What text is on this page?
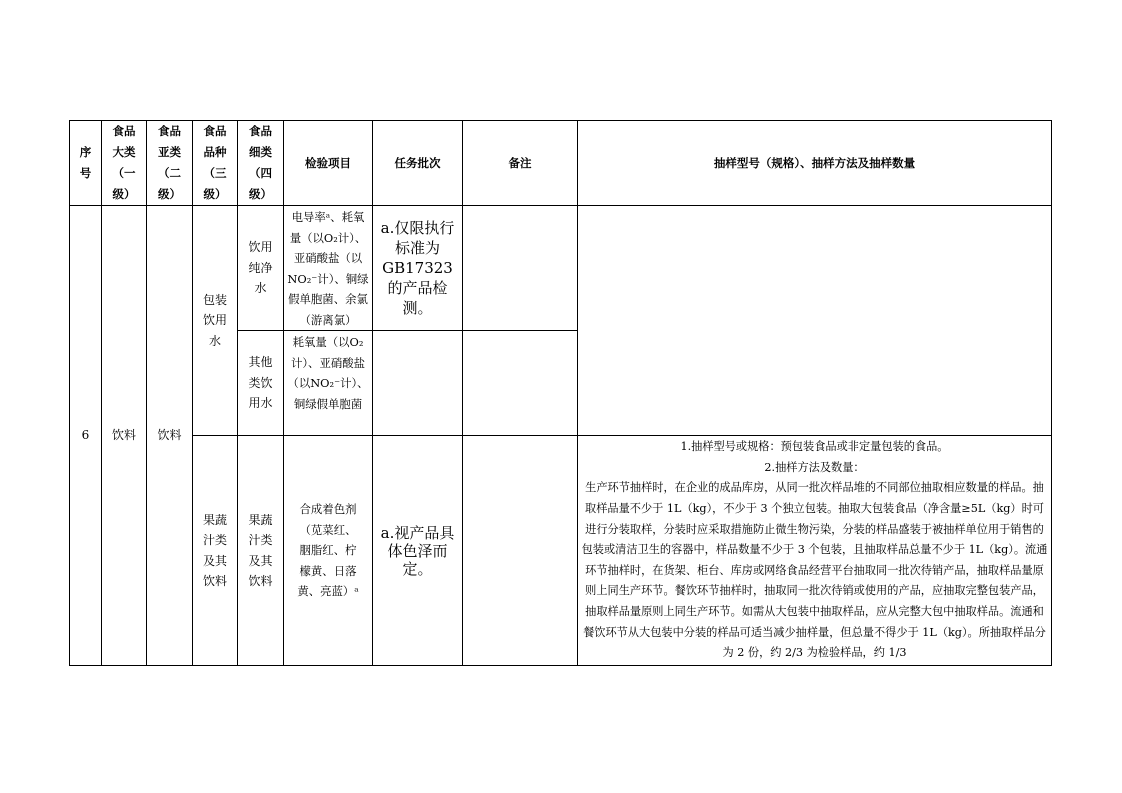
序号	食品大类（一级）	食品亚类（二级）	食品品种（三级）	食品细类（四级）	检验项目	任务批次	备注	抽样型号（规格）、抽样方法及抽样数量
6	饮料	饮料	包装饮用水	饮用纯净水	电导率ᵃ、耗氧量（以O₂计）、亚硝酸盐（以NO₂⁻计）、铜绿假单胞菌、余氯（游离氯）	a.仅限执行标准为GB17323的产品检测。		
				其他类饮用水	耗氧量（以O₂计）、亚硝酸盐（以NO₂⁻计）、铜绿假单胞菌			
			果蔬汁类及其饮料	果蔬汁类及其饮料	合成着色剂（苋菜红、胭脂红、柠檬黄、日落黄、亮蓝）ᵃ	a.视产品具体色泽而定。		1.抽样型号或规格：预包装食品或非定量包装的食品。

2.抽样方法及数量：

生产环节抽样时，在企业的成品库房，从同一批次样品堆的不同部位抽取相应数量的样品。抽取样品量不少于 1L（kg），不少于 3 个独立包装。抽取大包装食品（净含量≥5L（kg）时可进行分装取样，分装时应采取措施防止微生物污染，分装的样品盛装于被抽样单位用于销售的包装或清洁卫生的容器中，样品数量不少于 3 个包装，且抽取样品总量不少于 1L（kg）。流通环节抽样时，在货架、柜台、库房或网络食品经营平台抽取同一批次待销产品，抽取样品量原则上同生产环节。餐饮环节抽样时，抽取同一批次待销或使用的产品，应抽取完整包装产品，抽取样品量原则上同生产环节。如需从大包装中抽取样品，应从完整大包中抽取样品。流通和餐饮环节从大包装中分装的样品可适当减少抽样量，但总量不得少于 1L（kg）。所抽取样品分为 2 份，约 2/3 为检验样品，约 1/3
